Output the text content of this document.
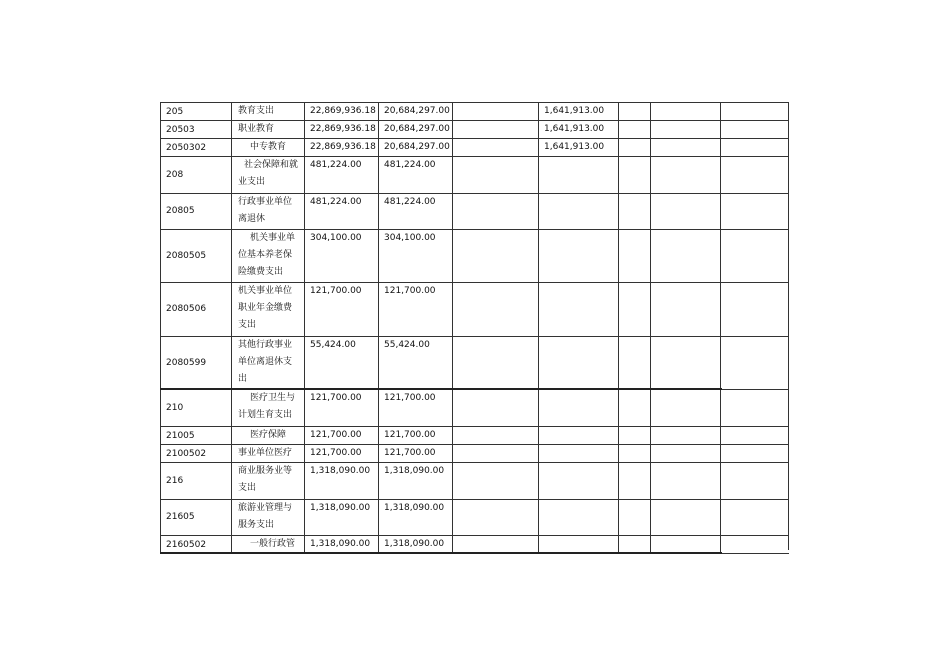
205	教育支出	22,869,936.18	20,684,297.00		1,641,913.00		
20503	职业教育	22,869,936.18	20,684,297.00		1,641,913.00		
2050302	中专教育	22,869,936.18	20,684,297.00		1,641,913.00		
208	社会保障和就业支出	481,224.00	481,224.00				
20805	行政事业单位离退休	481,224.00	481,224.00				
2080505	机关事业单位基本养老保险缴费支出	304,100.00	304,100.00				
2080506	机关事业单位职业年金缴费支出	121,700.00	121,700.00				
2080599	其他行政事业单位离退休支出	55,424.00	55,424.00				
210	医疗卫生与计划生育支出	121,700.00	121,700.00				
21005	医疗保障	121,700.00	121,700.00				
2100502	事业单位医疗	121,700.00	121,700.00				
216	商业服务业等支出	1,318,090.00	1,318,090.00				
21605	旅游业管理与服务支出	1,318,090.00	1,318,090.00				
2160502	一般行政管	1,318,090.00	1,318,090.00				
